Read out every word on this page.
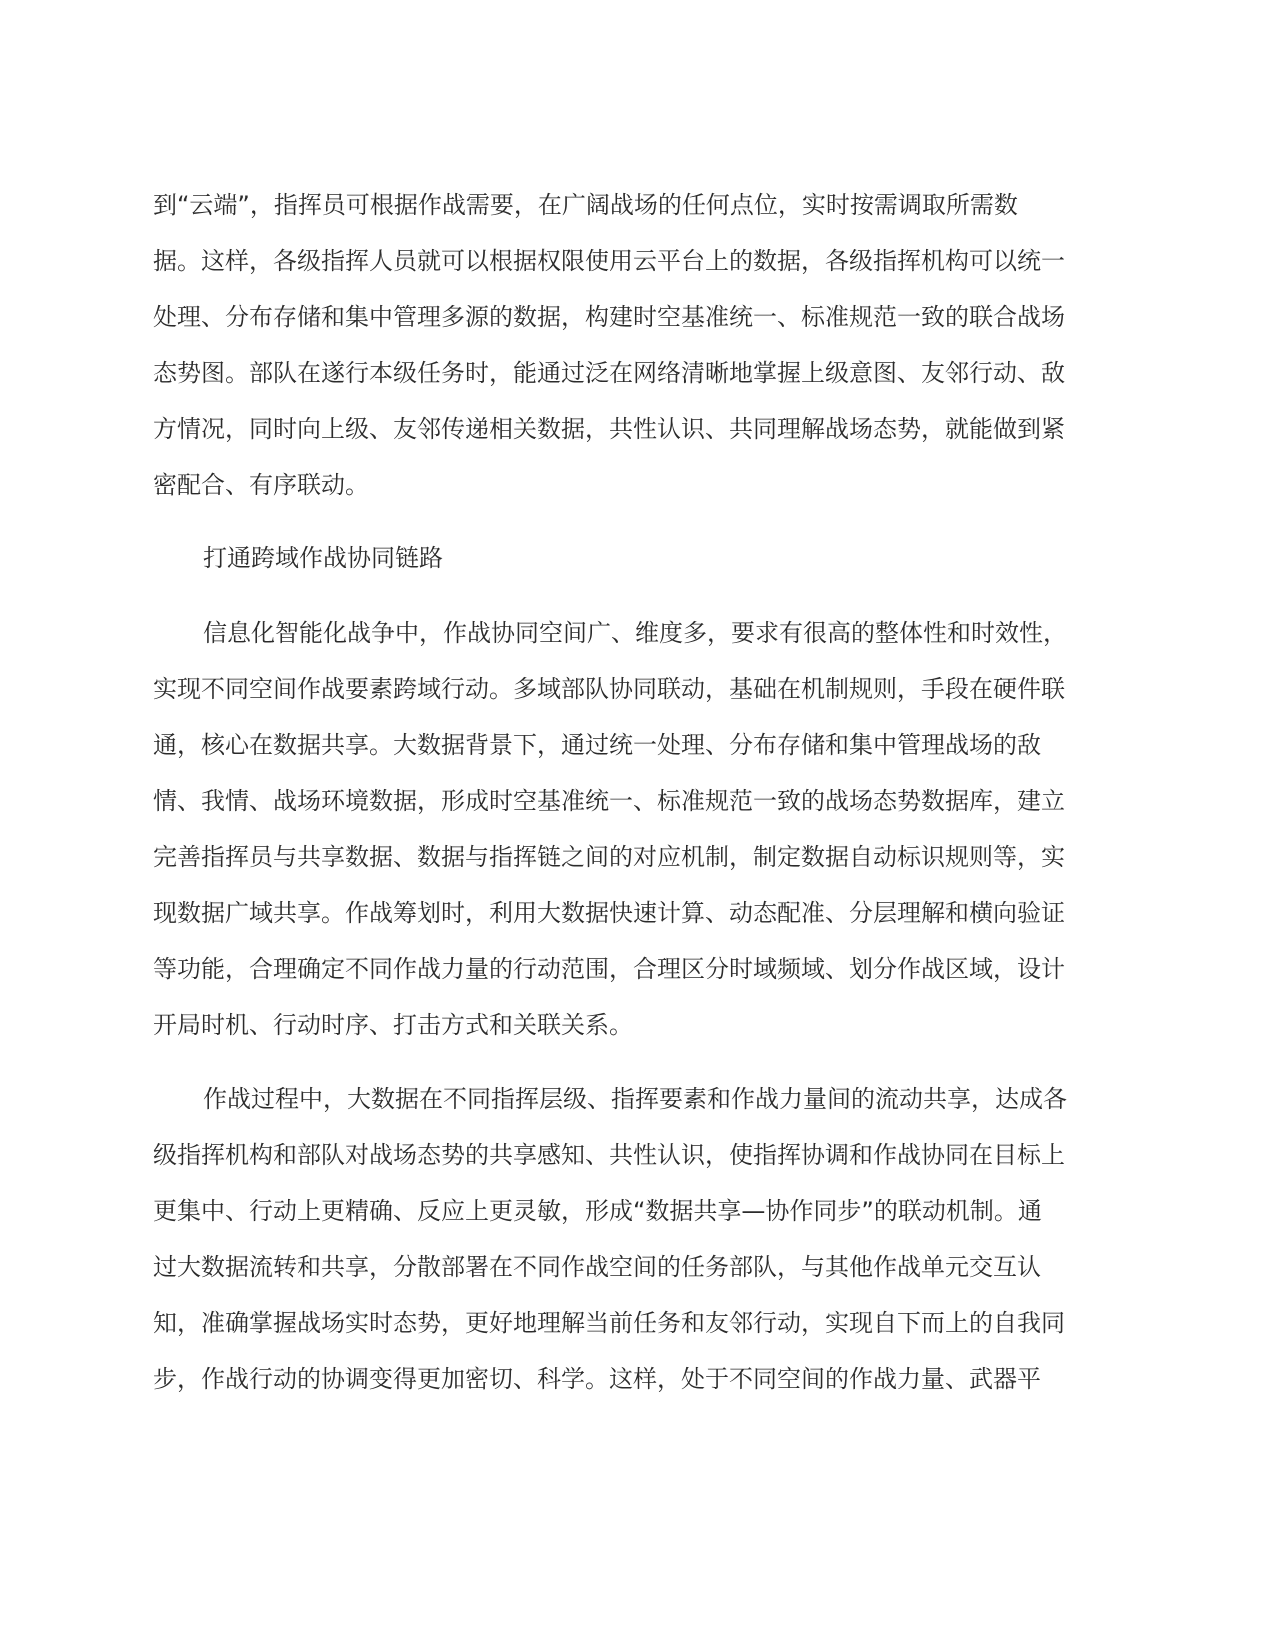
到“云端”，指挥员可根据作战需要，在广阔战场的任何点位，实时按需调取所需数
据。这样，各级指挥人员就可以根据权限使用云平台上的数据，各级指挥机构可以统一
处理、分布存储和集中管理多源的数据，构建时空基准统一、标准规范一致的联合战场
态势图。部队在遂行本级任务时，能通过泛在网络清晰地掌握上级意图、友邻行动、敌
方情况，同时向上级、友邻传递相关数据，共性认识、共同理解战场态势，就能做到紧
密配合、有序联动。
打通跨域作战协同链路
信息化智能化战争中，作战协同空间广、维度多，要求有很高的整体性和时效性，
实现不同空间作战要素跨域行动。多域部队协同联动，基础在机制规则，手段在硬件联
通，核心在数据共享。大数据背景下，通过统一处理、分布存储和集中管理战场的敌
情、我情、战场环境数据，形成时空基准统一、标准规范一致的战场态势数据库，建立
完善指挥员与共享数据、数据与指挥链之间的对应机制，制定数据自动标识规则等，实
现数据广域共享。作战筹划时，利用大数据快速计算、动态配准、分层理解和横向验证
等功能，合理确定不同作战力量的行动范围，合理区分时域频域、划分作战区域，设计
开局时机、行动时序、打击方式和关联关系。
作战过程中，大数据在不同指挥层级、指挥要素和作战力量间的流动共享，达成各
级指挥机构和部队对战场态势的共享感知、共性认识，使指挥协调和作战协同在目标上
更集中、行动上更精确、反应上更灵敏，形成“数据共享—协作同步”的联动机制。通
过大数据流转和共享，分散部署在不同作战空间的任务部队，与其他作战单元交互认
知，准确掌握战场实时态势，更好地理解当前任务和友邻行动，实现自下而上的自我同
步，作战行动的协调变得更加密切、科学。这样，处于不同空间的作战力量、武器平
